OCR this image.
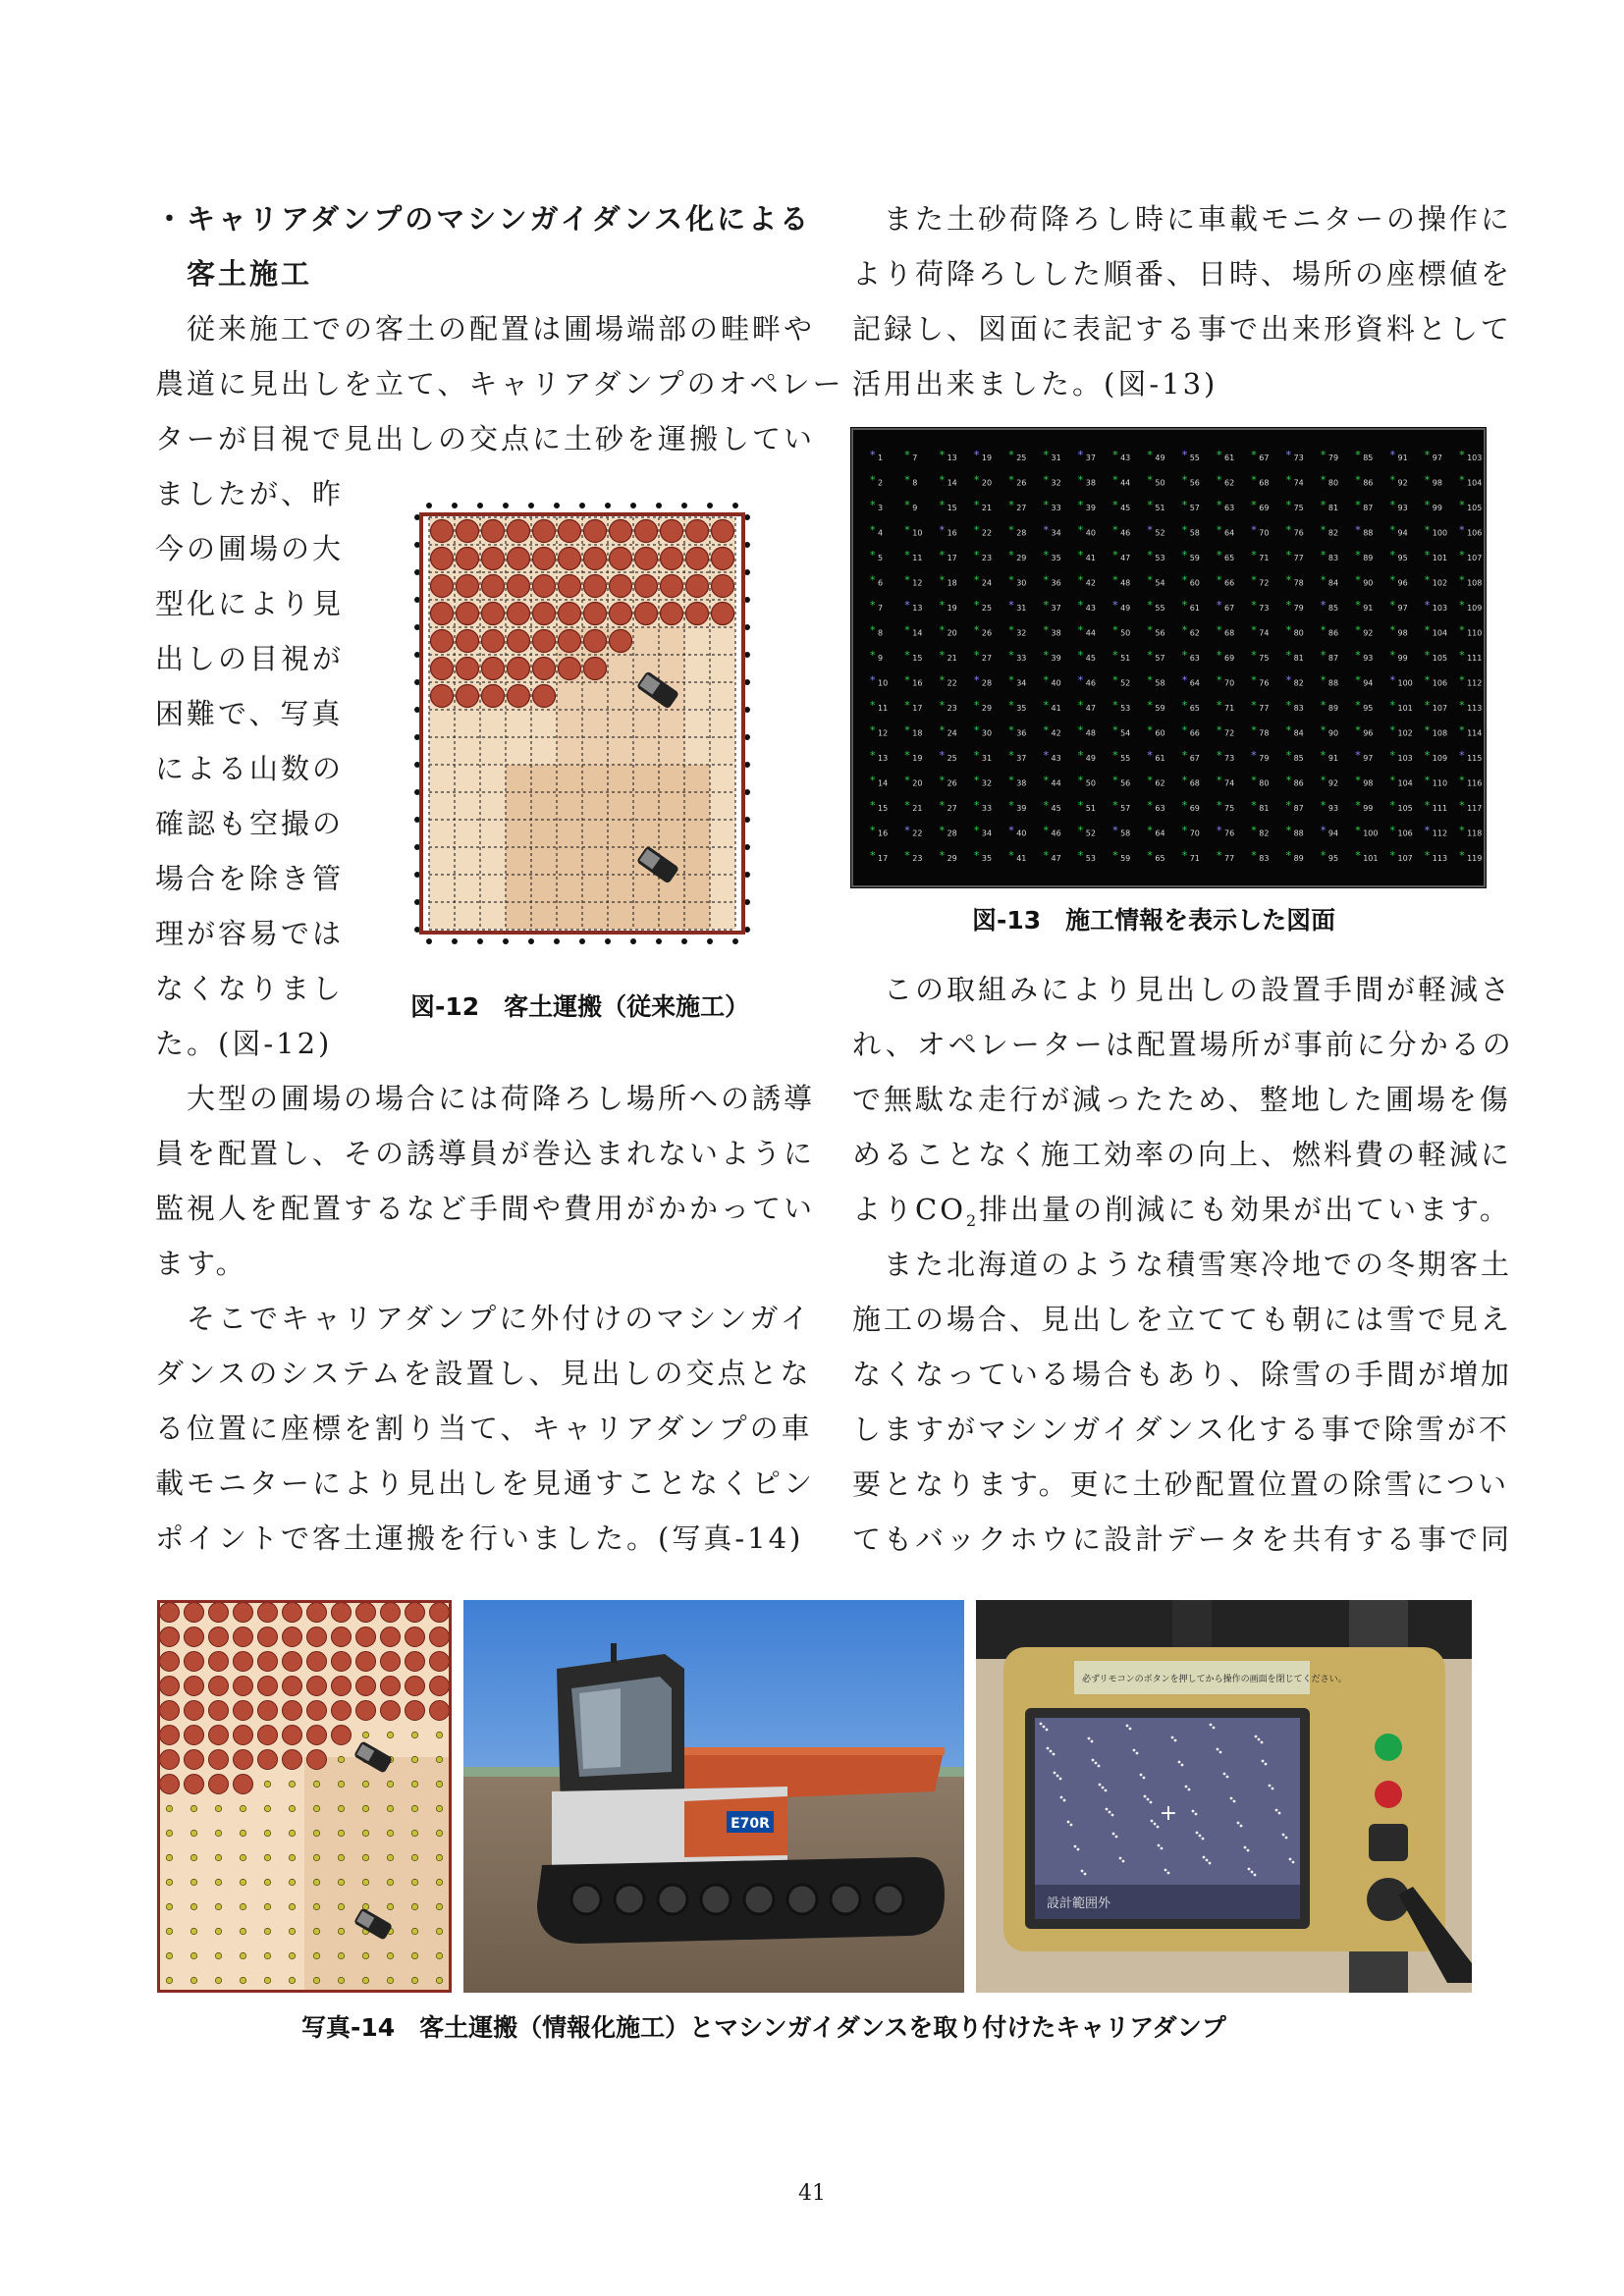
・キャリアダンプのマシンガイダンス化による
　客土施工
　従来施工での客土の配置は圃場端部の畦畔や
農道に見出しを立て、キャリアダンプのオペレー
ターが目視で見出しの交点に土砂を運搬してい
ましたが、昨
今の圃場の大
型化により見
出しの目視が
困難で、写真
による山数の
確認も空撮の
場合を除き管
理が容易では
なくなりまし
た。(図-12)
　大型の圃場の場合には荷降ろし場所への誘導
員を配置し、その誘導員が巻込まれないように
監視人を配置するなど手間や費用がかかってい
ます。
　そこでキャリアダンプに外付けのマシンガイ
ダンスのシステムを設置し、見出しの交点とな
る位置に座標を割り当て、キャリアダンプの車
載モニターにより見出しを見通すことなくピン
ポイントで客土運搬を行いました。(写真-14)
図-12　客土運搬（従来施工）
　また土砂荷降ろし時に車載モニターの操作に
より荷降ろしした順番、日時、場所の座標値を
記録し、図面に表記する事で出来形資料として
活用出来ました。(図-13)
* 1 * 7 * 13 * 19 * 25 * 31 * 37 * 43 * 49 * 55 * 61 * 67 * 73 * 79 * 85 * 91 * 97 * 103
* 2 * 8 * 14 * 20 * 26 * 32 * 38 * 44 * 50 * 56 * 62 * 68 * 74 * 80 * 86 * 92 * 98 * 104
* 3 * 9 * 15 * 21 * 27 * 33 * 39 * 45 * 51 * 57 * 63 * 69 * 75 * 81 * 87 * 93 * 99 * 105
* 4 * 10 * 16 * 22 * 28 * 34 * 40 * 46 * 52 * 58 * 64 * 70 * 76 * 82 * 88 * 94 * 100 * 106
* 5 * 11 * 17 * 23 * 29 * 35 * 41 * 47 * 53 * 59 * 65 * 71 * 77 * 83 * 89 * 95 * 101 * 107
* 6 * 12 * 18 * 24 * 30 * 36 * 42 * 48 * 54 * 60 * 66 * 72 * 78 * 84 * 90 * 96 * 102 * 108
* 7 * 13 * 19 * 25 * 31 * 37 * 43 * 49 * 55 * 61 * 67 * 73 * 79 * 85 * 91 * 97 * 103 * 109
* 8 * 14 * 20 * 26 * 32 * 38 * 44 * 50 * 56 * 62 * 68 * 74 * 80 * 86 * 92 * 98 * 104 * 110
* 9 * 15 * 21 * 27 * 33 * 39 * 45 * 51 * 57 * 63 * 69 * 75 * 81 * 87 * 93 * 99 * 105 * 111
* 10 * 16 * 22 * 28 * 34 * 40 * 46 * 52 * 58 * 64 * 70 * 76 * 82 * 88 * 94 * 100 * 106 * 112
* 11 * 17 * 23 * 29 * 35 * 41 * 47 * 53 * 59 * 65 * 71 * 77 * 83 * 89 * 95 * 101 * 107 * 113
* 12 * 18 * 24 * 30 * 36 * 42 * 48 * 54 * 60 * 66 * 72 * 78 * 84 * 90 * 96 * 102 * 108 * 114
* 13 * 19 * 25 * 31 * 37 * 43 * 49 * 55 * 61 * 67 * 73 * 79 * 85 * 91 * 97 * 103 * 109 * 115
* 14 * 20 * 26 * 32 * 38 * 44 * 50 * 56 * 62 * 68 * 74 * 80 * 86 * 92 * 98 * 104 * 110 * 116
* 15 * 21 * 27 * 33 * 39 * 45 * 51 * 57 * 63 * 69 * 75 * 81 * 87 * 93 * 99 * 105 * 111 * 117
* 16 * 22 * 28 * 34 * 40 * 46 * 52 * 58 * 64 * 70 * 76 * 82 * 88 * 94 * 100 * 106 * 112 * 118
* 17 * 23 * 29 * 35 * 41 * 47 * 53 * 59 * 65 * 71 * 77 * 83 * 89 * 95 * 101 * 107 * 113 * 119
図-13　施工情報を表示した図面
　この取組みにより見出しの設置手間が軽減さ
れ、オペレーターは配置場所が事前に分かるの
で無駄な走行が減ったため、整地した圃場を傷
めることなく施工効率の向上、燃料費の軽減に
より$CO_2$排出量の削減にも効果が出ています。
　また北海道のような積雪寒冷地での冬期客土
施工の場合、見出しを立てても朝には雪で見え
なくなっている場合もあり、除雪の手間が増加
しますがマシンガイダンス化する事で除雪が不
要となります。更に土砂配置位置の除雪につい
てもバックホウに設計データを共有する事で同
E70R	+
設計範囲外
必ずリモコンのボタンを押してから操作の画面を閉じてください。
写真-14　客土運搬（情報化施工）とマシンガイダンスを取り付けたキャリアダンプ
41
